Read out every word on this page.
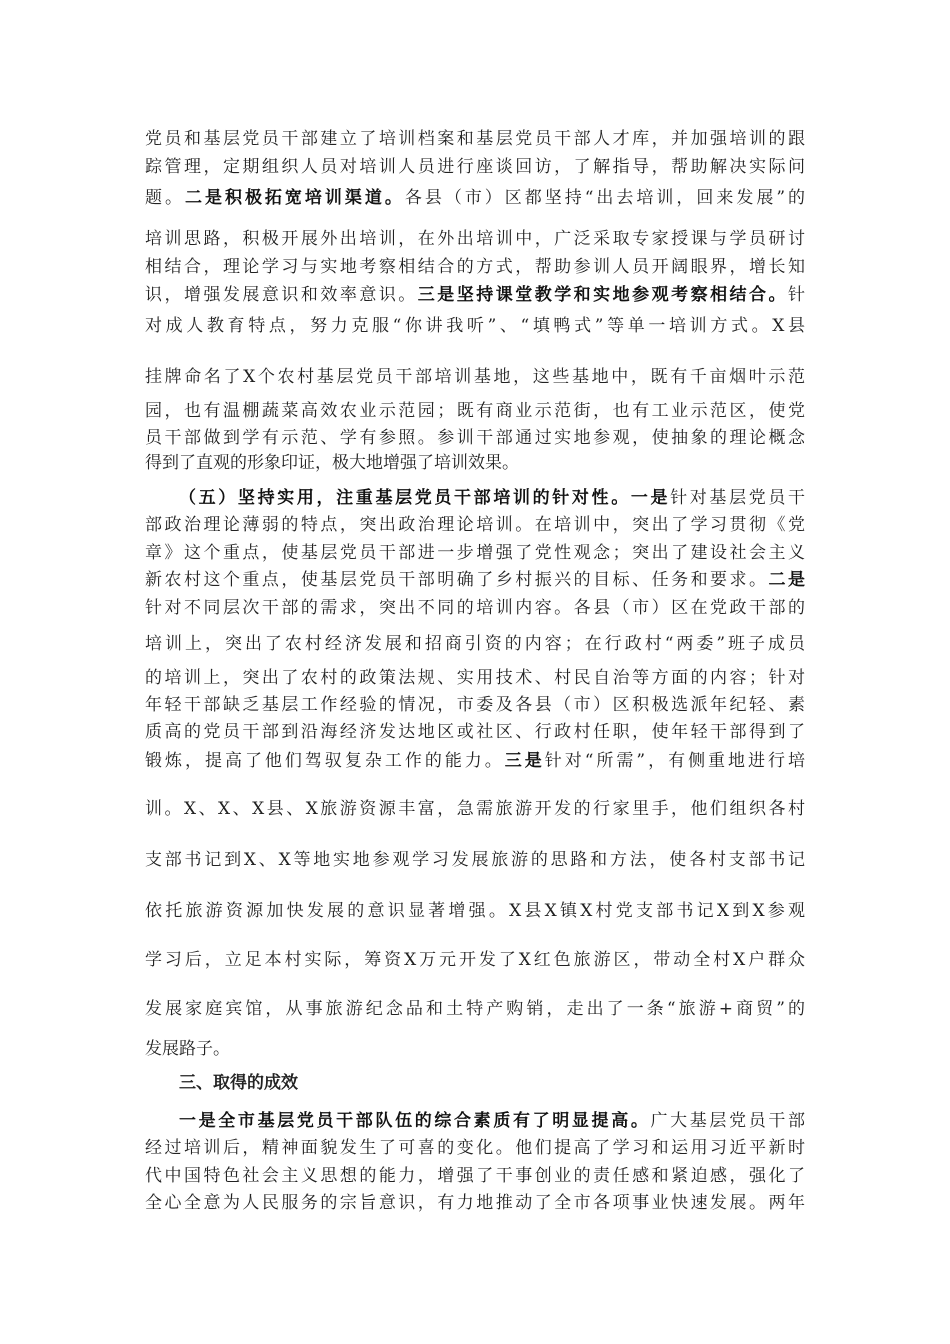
党员和基层党员干部建立了培训档案和基层党员干部人才库，并加强培训的跟
踪管理，定期组织人员对培训人员进行座谈回访，了解指导，帮助解决实际问
题。二是积极拓宽培训渠道。各县（市）区都坚持“出去培训，回来发展”的
培训思路，积极开展外出培训，在外出培训中，广泛采取专家授课与学员研讨
相结合，理论学习与实地考察相结合的方式，帮助参训人员开阔眼界，增长知
识，增强发展意识和效率意识。三是坚持课堂教学和实地参观考察相结合。针
对成人教育特点，努力克服“你讲我听”、“填鸭式”等单一培训方式。X县
挂牌命名了X个农村基层党员干部培训基地，这些基地中，既有千亩烟叶示范
园，也有温棚蔬菜高效农业示范园；既有商业示范街，也有工业示范区，使党
员干部做到学有示范、学有参照。参训干部通过实地参观，使抽象的理论概念
得到了直观的形象印证，极大地增强了培训效果。
（五）坚持实用，注重基层党员干部培训的针对性。一是针对基层党员干
部政治理论薄弱的特点，突出政治理论培训。在培训中，突出了学习贯彻《党
章》这个重点，使基层党员干部进一步增强了党性观念；突出了建设社会主义
新农村这个重点，使基层党员干部明确了乡村振兴的目标、任务和要求。二是
针对不同层次干部的需求，突出不同的培训内容。各县（市）区在党政干部的
培训上，突出了农村经济发展和招商引资的内容；在行政村“两委”班子成员
的培训上，突出了农村的政策法规、实用技术、村民自治等方面的内容；针对
年轻干部缺乏基层工作经验的情况，市委及各县（市）区积极选派年纪轻、素
质高的党员干部到沿海经济发达地区或社区、行政村任职，使年轻干部得到了
锻炼，提高了他们驾驭复杂工作的能力。三是针对“所需”，有侧重地进行培
训。X、X、X县、X旅游资源丰富，急需旅游开发的行家里手，他们组织各村
支部书记到X、X等地实地参观学习发展旅游的思路和方法，使各村支部书记
依托旅游资源加快发展的意识显著增强。X县X镇X村党支部书记X到X参观
学习后，立足本村实际，筹资X万元开发了X红色旅游区，带动全村X户群众
发展家庭宾馆，从事旅游纪念品和土特产购销，走出了一条“旅游+商贸”的
发展路子。
三、取得的成效
一是全市基层党员干部队伍的综合素质有了明显提高。广大基层党员干部
经过培训后，精神面貌发生了可喜的变化。他们提高了学习和运用习近平新时
代中国特色社会主义思想的能力，增强了干事创业的责任感和紧迫感，强化了
全心全意为人民服务的宗旨意识，有力地推动了全市各项事业快速发展。两年
